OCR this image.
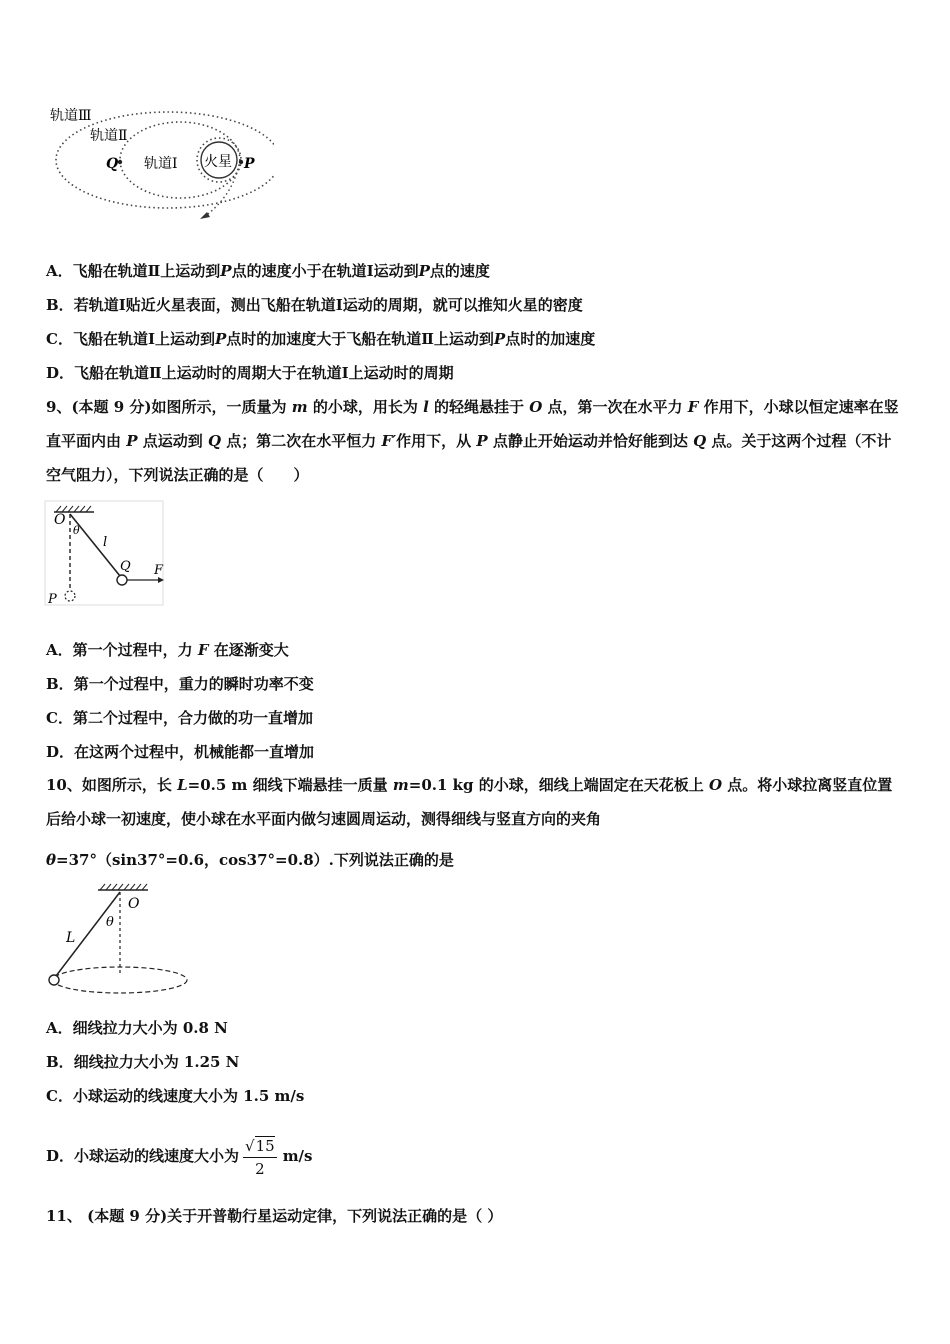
轨道Ⅲ
轨道Ⅱ
轨道Ⅰ 火星
Q	P
A．飞船在轨道Ⅱ上运动到P点的速度小于在轨道Ⅰ运动到P点的速度
B．若轨道Ⅰ贴近火星表面，测出飞船在轨道Ⅰ运动的周期，就可以推知火星的密度
C．飞船在轨道Ⅰ上运动到P点时的加速度大于飞船在轨道Ⅱ上运动到P点时的加速度
D．飞船在轨道Ⅱ上运动时的周期大于在轨道Ⅰ上运动时的周期
9、(本题 9 分)如图所示，一质量为 m 的小球，用长为 l 的轻绳悬挂于 O 点，第一次在水平力 F 作用下，小球以恒定速率在竖直平面内由 P 点运动到 Q 点；第二次在水平恒力 F′作用下，从 P 点静止开始运动并恰好能到达 Q 点。关于这两个过程（不计空气阻力），下列说法正确的是（　　）
O
θ
l
Q F
P
A．第一个过程中，力 F 在逐渐变大
B．第一个过程中，重力的瞬时功率不变
C．第二个过程中，合力做的功一直增加
D．在这两个过程中，机械能都一直增加
10、如图所示，长 L=0.5 m 细线下端悬挂一质量 m=0.1 kg 的小球，细线上端固定在天花板上 O 点。将小球拉离竖直位置后给小球一初速度，使小球在水平面内做匀速圆周运动，测得细线与竖直方向的夹角
θ=37°（sin37°=0.6，cos37°=0.8）.下列说法正确的是
O
θ
L
A．细线拉力大小为 0.8 N
B．细线拉力大小为 1.25 N
C．小球运动的线速度大小为 1.5 m/s
D．小球运动的线速度大小为 $\frac{√15}{2} m/s$
11、 (本题 9 分)关于开普勒行星运动定律，下列说法正确的是（ ）
